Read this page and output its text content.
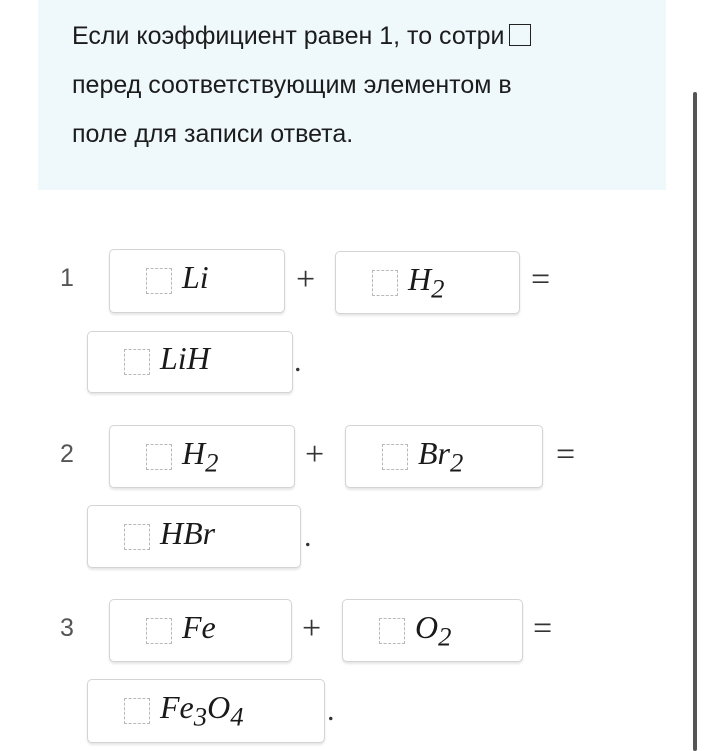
Если коэффициент равен 1, то сотри
перед соответствующим элементом в
поле для записи ответа.
1	Li	+	$H_2$	=
LiH	.
2	$H_2$	+	$Br_2$	=
HBr	.
3	Fe	+	$O_2$ =
$Fe_3O_4$	.
